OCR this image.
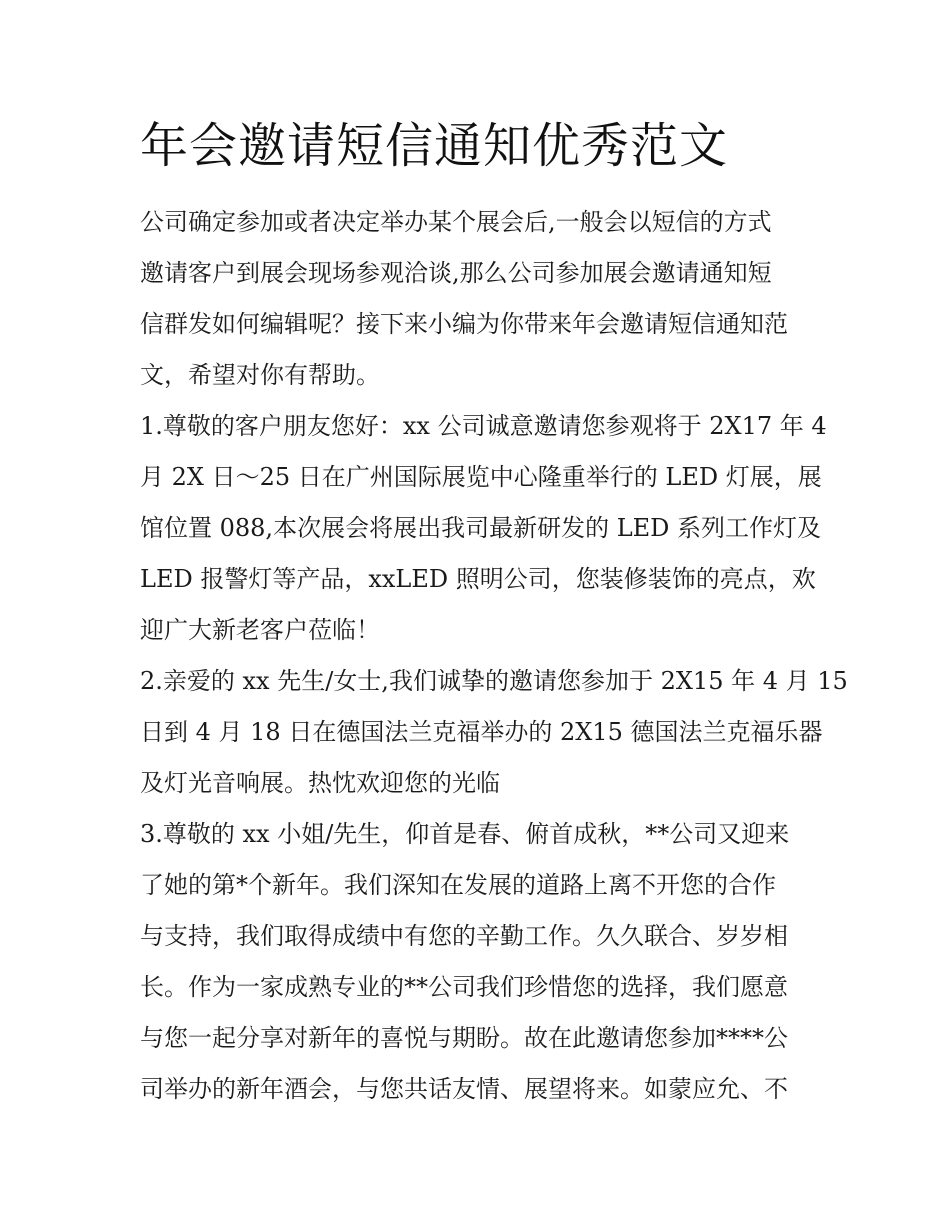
年会邀请短信通知优秀范文

公司确定参加或者决定举办某个展会后,一般会以短信的方式

邀请客户到展会现场参观洽谈,那么公司参加展会邀请通知短

信群发如何编辑呢？接下来小编为你带来年会邀请短信通知范

文，希望对你有帮助。

1.尊敬的客户朋友您好：xx 公司诚意邀请您参观将于 2X17 年 4

月 2X 日～25 日在广州国际展览中心隆重举行的 LED 灯展，展

馆位置 088,本次展会将展出我司最新研发的 LED 系列工作灯及

LED 报警灯等产品，xxLED 照明公司，您装修装饰的亮点，欢

迎广大新老客户莅临！

2.亲爱的 xx 先生/女士,我们诚挚的邀请您参加于 2X15 年 4 月 15

日到 4 月 18 日在德国法兰克福举办的 2X15 德国法兰克福乐器

及灯光音响展。热忱欢迎您的光临

3.尊敬的 xx 小姐/先生，仰首是春、俯首成秋，**公司又迎来

了她的第*个新年。我们深知在发展的道路上离不开您的合作

与支持，我们取得成绩中有您的辛勤工作。久久联合、岁岁相

长。作为一家成熟专业的**公司我们珍惜您的选择，我们愿意

与您一起分享对新年的喜悦与期盼。故在此邀请您参加****公

司举办的新年酒会，与您共话友情、展望将来。如蒙应允、不
